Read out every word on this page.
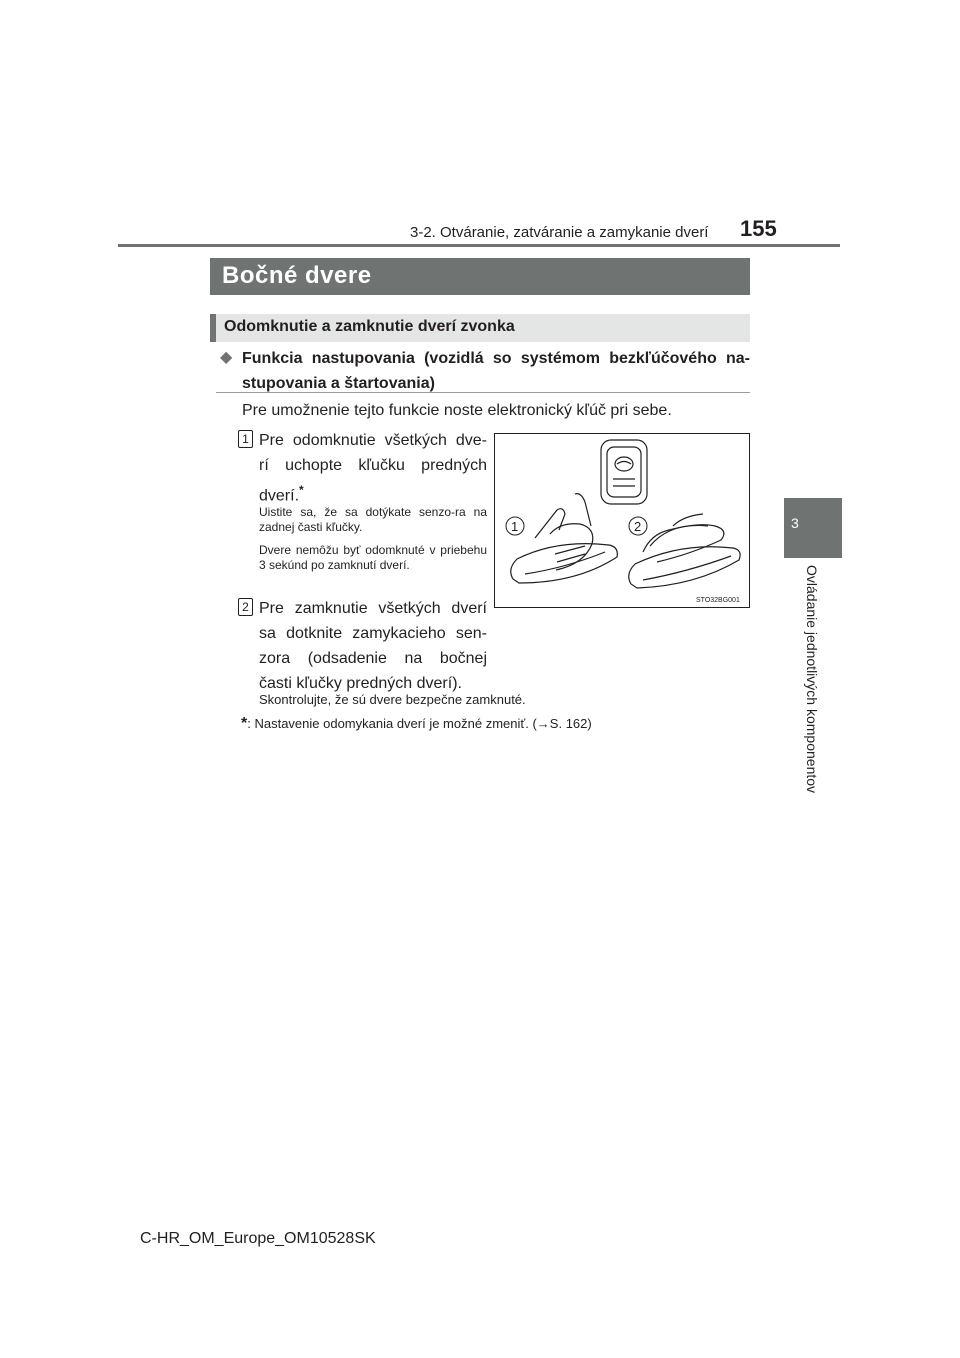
3-2. Otváranie, zatváranie a zamykanie dverí 155
3
Ovládanie jednotlivých komponentov
Bočné dvere
Odomknutie a zamknutie dverí zvonka
◆ Funkcia nastupovania (vozidlá so systémom bezkľúčového na-stupovania a štartovania)
Pre umožnenie tejto funkcie noste elektronický kľúč pri sebe.
1 Pre odomknutie všetkých dve-
rí uchopte kľučku predných
dverí.*
Uistite sa, že sa dotýkate senzo-ra na zadnej časti kľučky.
Dvere nemôžu byť odomknuté v priebehu 3 sekúnd po zamknutí dverí.
2 Pre zamknutie všetkých dverí
sa dotknite zamykacieho sen-
zora (odsadenie na bočnej
časti kľučky predných dverí).
1	2
STO32BG001
Skontrolujte, že sú dvere bezpečne zamknuté.
*: Nastavenie odomykania dverí je možné zmeniť. (→S. 162)
C-HR_OM_Europe_OM10528SK
